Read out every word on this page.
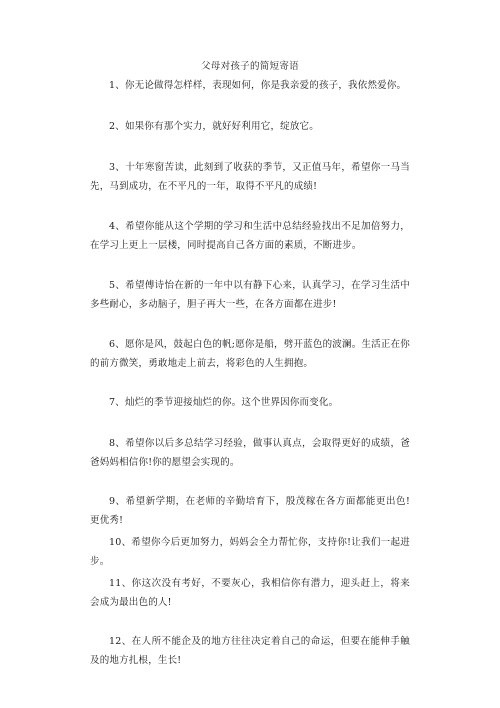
父母对孩子的简短寄语

1、你无论做得怎样样，表现如何，你是我亲爱的孩子，我依然爱你。

2、如果你有那个实力，就好好利用它，绽放它。

3、十年寒窗苦读，此刻到了收获的季节，又正值马年，希望你一马当先，马到成功，在不平凡的一年，取得不平凡的成绩!

4、希望你能从这个学期的学习和生活中总结经验找出不足加倍努力，在学习上更上一层楼，同时提高自己各方面的素质，不断进步。

5、希望傅诗怡在新的一年中以有静下心来，认真学习，在学习生活中多些耐心，多动脑子，胆子再大一些，在各方面都在进步!

6、愿你是风，鼓起白色的帆;愿你是船，劈开蓝色的波澜。生活正在你的前方微笑，勇敢地走上前去，将彩色的人生拥抱。

7、灿烂的季节迎接灿烂的你。这个世界因你而变化。

8、希望你以后多总结学习经验，做事认真点，会取得更好的成绩，爸爸妈妈相信你!你的愿望会实现的。

9、希望新学期，在老师的辛勤培育下，殷茂稼在各方面都能更出色!更优秀!

10、希望你今后更加努力，妈妈会全力帮忙你，支持你!让我们一起进步。

11、你这次没有考好，不要灰心，我相信你有潜力，迎头赶上，将来会成为最出色的人!

12、在人所不能企及的地方往往决定着自己的命运，但要在能伸手触及的地方扎根，生长!
